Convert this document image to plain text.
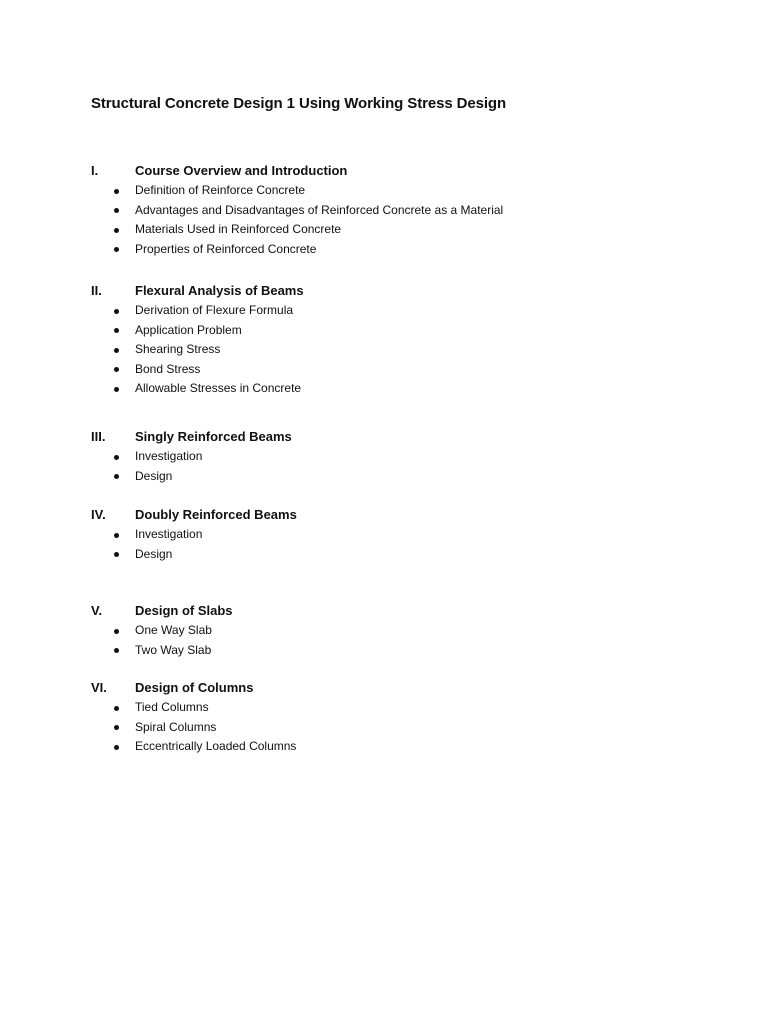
Structural Concrete Design 1 Using Working Stress Design
I.	Course Overview and Introduction
Definition of Reinforce Concrete
Advantages and Disadvantages of Reinforced Concrete as a Material
Materials Used in Reinforced Concrete
Properties of Reinforced Concrete
II.	Flexural Analysis of Beams
Derivation of Flexure Formula
Application Problem
Shearing Stress
Bond Stress
Allowable Stresses in Concrete
III. Singly Reinforced Beams
Investigation
Design
IV. Doubly Reinforced Beams
Investigation
Design
V.	Design of Slabs
One Way Slab
Two Way Slab
VI. Design of Columns
Tied Columns
Spiral Columns
Eccentrically Loaded Columns
